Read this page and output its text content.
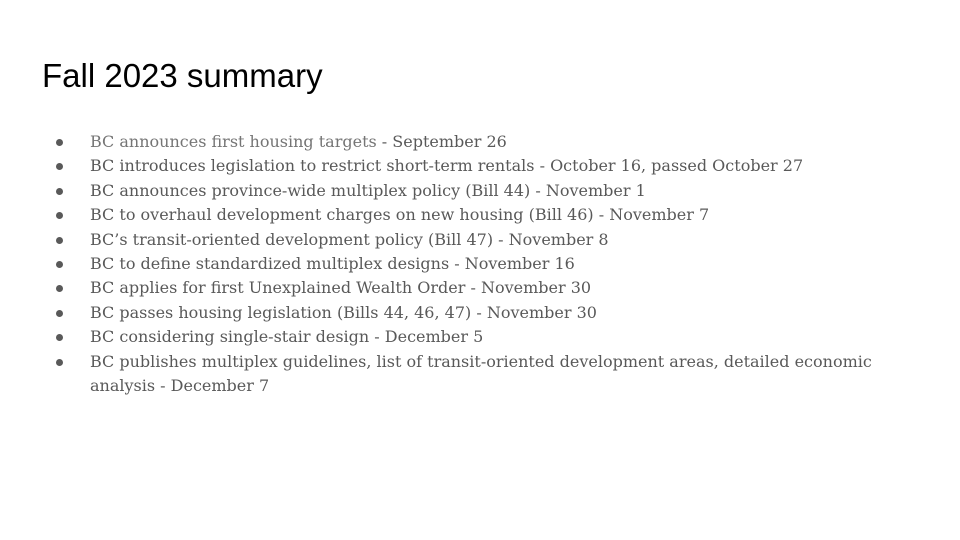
Fall 2023 summary
BC announces first housing targets - September 26
BC introduces legislation to restrict short-term rentals - October 16, passed October 27
BC announces province-wide multiplex policy (Bill 44) - November 1
BC to overhaul development charges on new housing (Bill 46) - November 7
BC’s transit-oriented development policy (Bill 47) - November 8
BC to define standardized multiplex designs - November 16
BC applies for first Unexplained Wealth Order - November 30
BC passes housing legislation (Bills 44, 46, 47) - November 30
BC considering single-stair design - December 5
BC publishes multiplex guidelines, list of transit-oriented development areas, detailed economic analysis - December 7
